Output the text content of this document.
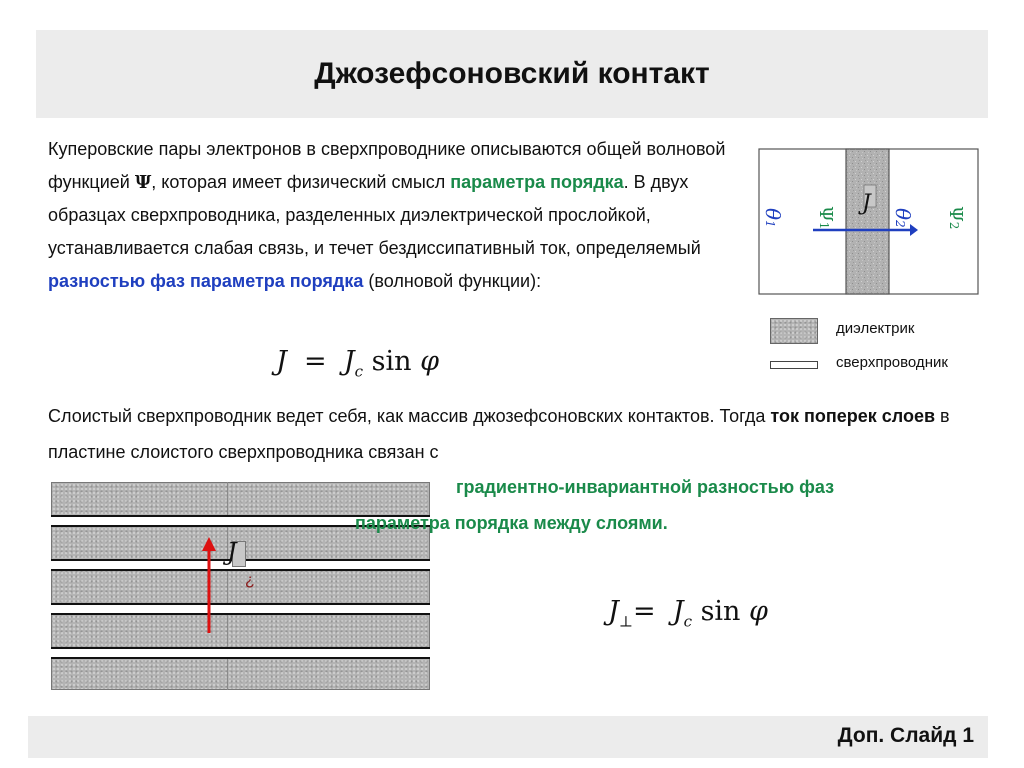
Джозефсоновский контакт
Куперовские пары электронов в сверхпроводнике описываются общей волновой функцией Ψ, которая имеет физический смысл параметра порядка. В двух образцах сверхпроводника, разделенных диэлектрической прослойкой, устанавливается слабая связь, и течет бездиссипативный ток, определяемый разностью фаз параметра порядка (волновой функции):
$J = J_c$ sin φ
J
θ1
Ψ1
θ2
Ψ2
диэлектрик
сверхпроводник
Слоистый сверхпроводник ведет себя, как массив джозефсоновских контактов. Тогда ток поперек слоев в пластине слоистого сверхпроводника связан с
J
¿
градиентно-инвариантной разностью фаз
параметра порядка между слоями.
$J_\perp= J_c$ sin φ
Доп. Слайд 1
